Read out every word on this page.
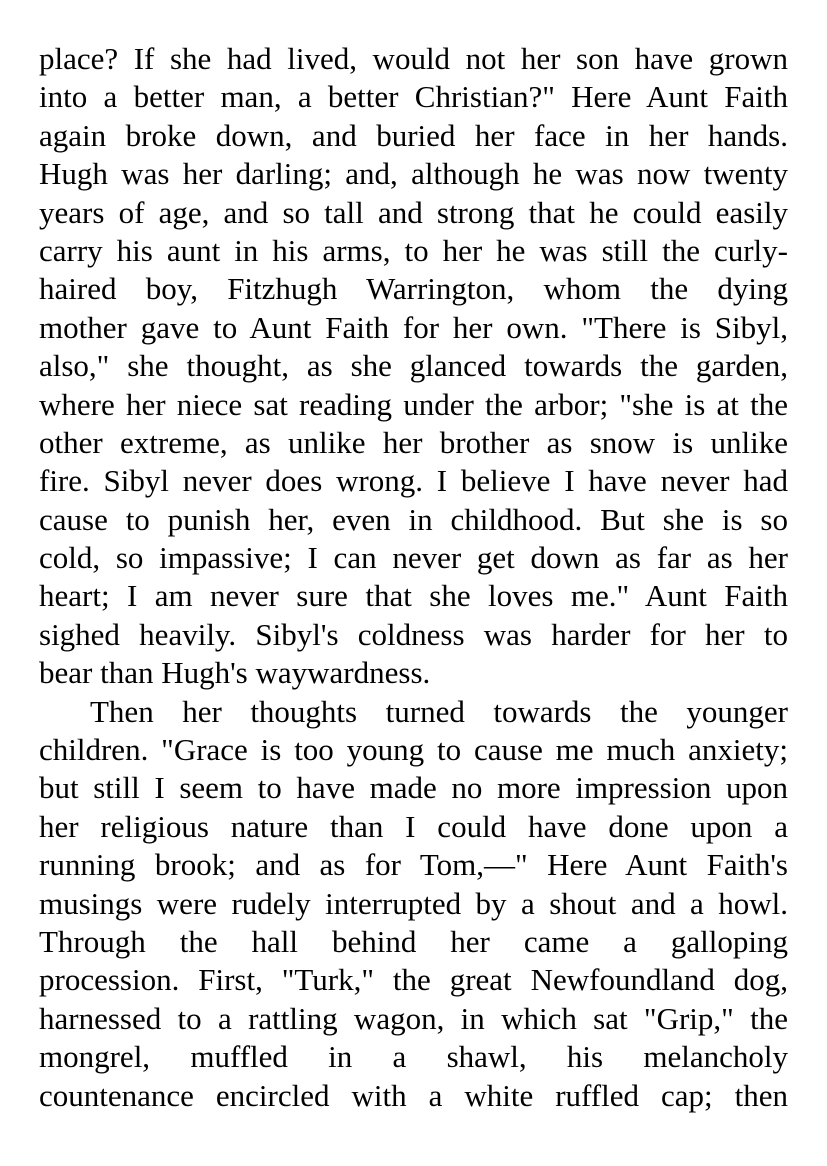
place? If she had lived, would not her son have grown
into a better man, a better Christian?" Here Aunt Faith
again broke down, and buried her face in her hands.
Hugh was her darling; and, although he was now twenty
years of age, and so tall and strong that he could easily
carry his aunt in his arms, to her he was still the curly-
haired boy, Fitzhugh Warrington, whom the dying
mother gave to Aunt Faith for her own. "There is Sibyl,
also," she thought, as she glanced towards the garden,
where her niece sat reading under the arbor; "she is at the
other extreme, as unlike her brother as snow is unlike
fire. Sibyl never does wrong. I believe I have never had
cause to punish her, even in childhood. But she is so
cold, so impassive; I can never get down as far as her
heart; I am never sure that she loves me." Aunt Faith
sighed heavily. Sibyl's coldness was harder for her to
bear than Hugh's waywardness.
Then her thoughts turned towards the younger
children. "Grace is too young to cause me much anxiety;
but still I seem to have made no more impression upon
her religious nature than I could have done upon a
running brook; and as for Tom,—" Here Aunt Faith's
musings were rudely interrupted by a shout and a howl.
Through the hall behind her came a galloping
procession. First, "Turk," the great Newfoundland dog,
harnessed to a rattling wagon, in which sat "Grip," the
mongrel, muffled in a shawl, his melancholy
countenance encircled with a white ruffled cap; then
